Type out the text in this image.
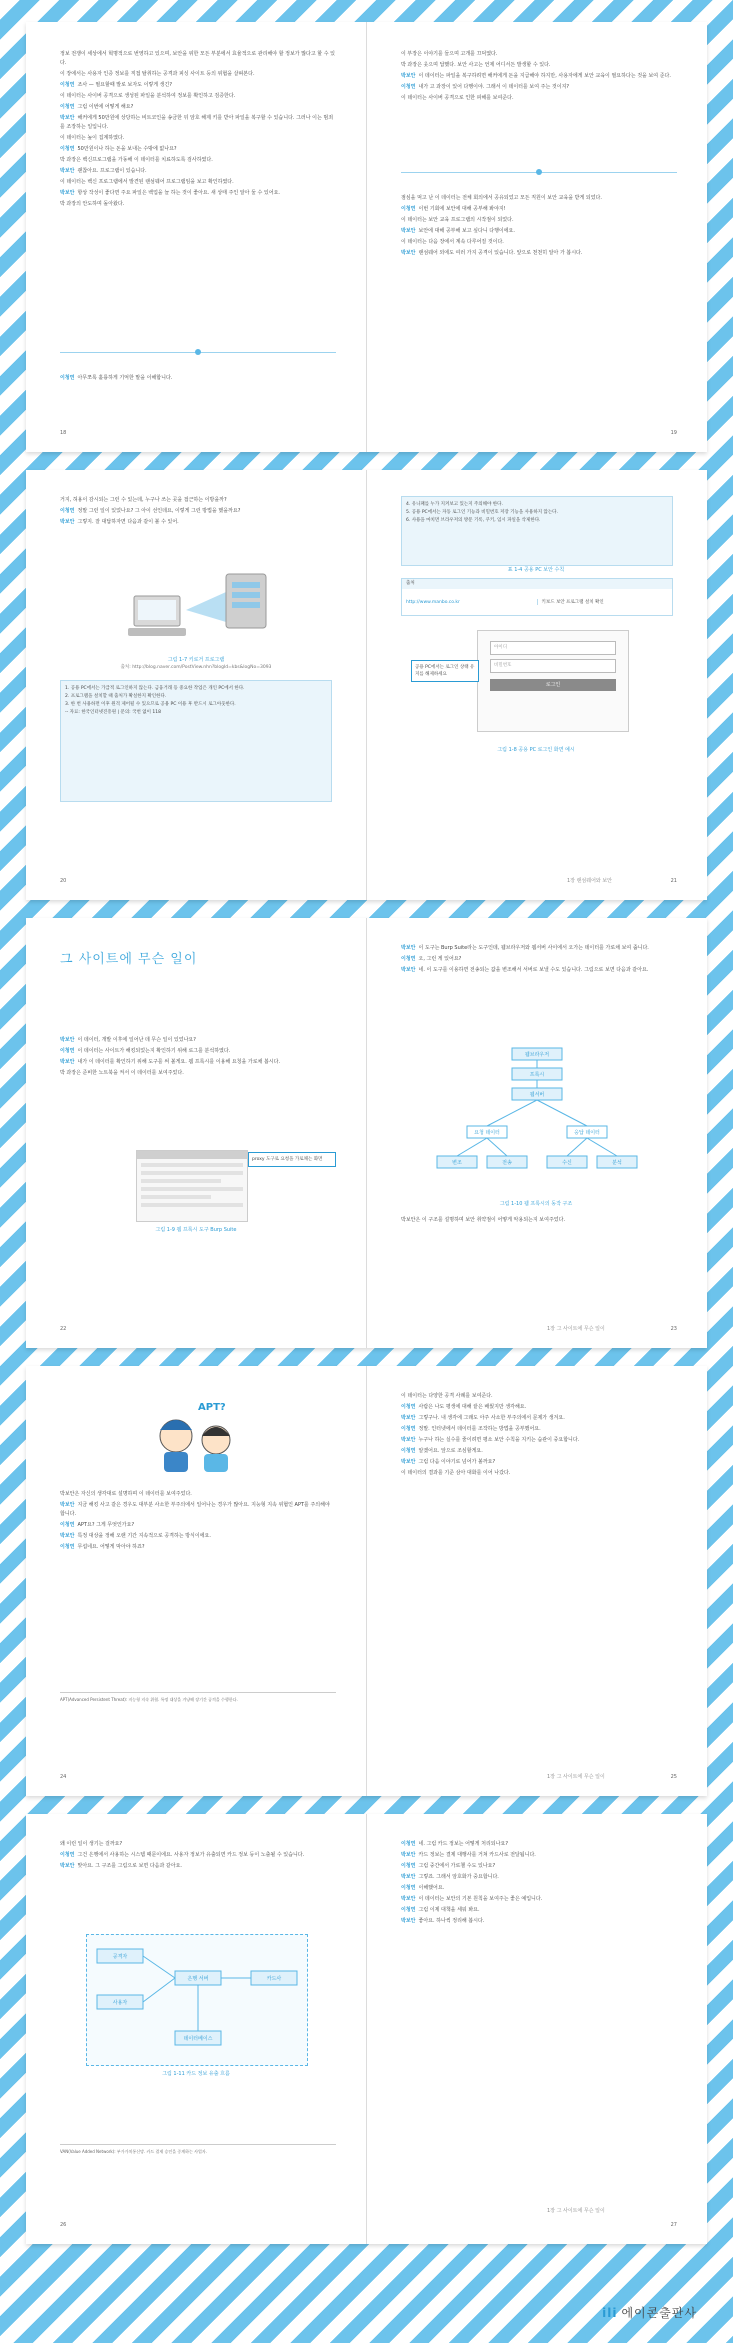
정보 전쟁이 세상에서 혁명적으로 번영하고 있으며, 보안을 위한 모든 부분에서 효율적으로 관리해야 할 정보가 많다고 할 수 있다.

이 장에서는 사용자 인증 정보를 직접 탈취하는 공격과 피싱 사이트 등의 위협을 살펴본다.

이청연 조사 — 필요할때 발로 보자도 이렇게 생긴?

이 데이터는 사이버 공격으로 생성된 파일을 분석하여 정보를 확인하고 검증한다.

이청연 그럼 이번에 어떻게 해요?

박보안 해커에게 50만원에 상당하는 비트코인을 송금한 뒤 암호 해제 키를 받아 파일을 복구할 수 있습니다. 그러나 이는 범죄를 조장하는 일입니다.

이 데이터는 높이 집계하였다.

이청연 50만원이나 하는 돈을 보내는 수밖에 없나요?

박 과장은 백신프로그램을 가동해 이 데이터를 치료하도록 검사하였다.

박보안 괜찮아요. 프로그램이 있습니다.

이 데이터는 백신 프로그램에서 발견된 랜섬웨어 프로그램임을 보고 확인하였다.

박보안 항상 작성이 좋다면 주요 파일은 백업을 늘 하는 것이 좋아요. 새 상태 주인 알아 둘 수 있어요.

박 과장의 안도하며 돌아왔다.

이청연 아무쪼록 훌륭하게 기억한 말을 이해합니다.

18

이 부장은 이야기를 들으며 고개를 끄덕였다.

박 과장은 웃으며 답했다. 보안 사고는 언제 어디서든 발생할 수 있다.

박보안 이 데이터는 파일을 복구하려면 해커에게 돈을 지급해야 하지만, 사용자에게 보안 교육이 필요하다는 것을 보여 준다.

이청연 내가 고 과장이 있어 다행이야. 그래서 이 데이터를 보여 주는 것이지?

이 데이터는 사이버 공격으로 인한 피해를 보여준다.

점심을 먹고 난 이 데이터는 전체 회의에서 공유되었고 모든 직원이 보안 교육을 받게 되었다.

이청연 이번 기회에 보안에 대해 공부해 봐야지!

이 데이터는 보안 교육 프로그램의 시작점이 되었다.

박보안 보안에 대해 공부해 보고 싶다니 다행이에요.

이 데이터는 다음 장에서 계속 다루어질 것이다.

박보안 랜섬웨어 외에도 여러 가지 공격이 있습니다. 앞으로 천천히 알아 가 봅시다.

19

거지, 허용이 감시되는 그런 수 있는데, 누구나 쓰는 곳을 접근하는 이방을까?

이청연 정말 그런 일이 있었나요? 그 아이 선인데요, 이렇게 그런 방법을 했을까요?

박보안 그렇지. 잘 대답하자면 다음과 같이 볼 수 있어.

그림 1-7 키로거 프로그램
출처: http://blog.naver.com/PostView.nhn?blogId=kbs&logNo=3093
1. 공용 PC에서는 가급적 로그인하지 않는다. 금융거래 등 중요한 작업은 개인 PC에서 한다.
2. 프로그램을 설치할 때 출처가 확실한지 확인한다.
3. 한 번 사용하면 이후 원격 제어될 수 있으므로 공용 PC 이용 후 반드시 로그아웃한다.
-- 자료: 한국인터넷진흥원 | 문의: 국번 없이 118
20
4. 유니패를 누가 지켜보고 있는지 주의해야 한다.
5. 공용 PC에서는 자동 로그인 기능과 비밀번호 저장 기능을 사용하지 않는다.
6. 사용을 마치면 브라우저의 방문 기록, 쿠키, 임시 파일을 삭제한다.
표 1-4 공용 PC 보안 수칙
출처
http://www.manbo.co.kr	키보드 보안 프로그램 설치 확인
아이디
비밀번호
로그인
공용 PC에서는 로그인 상태 유지를 해제하세요
그림 1-8 공용 PC 로그인 화면 예시
1장 랜섬웨어와 보안	21
그 사이트에 무슨 일이

박보안 이 데이터, 개발 이후에 일어난 데 무슨 일이 있었나요?

이청연 이 데이터는 사이트가 해킹되었는지 확인하기 위해 로그를 분석하였다.

박보안 내가 이 데이터를 확인하기 위해 도구를 써 볼게요. 웹 프록시를 이용해 요청을 가로채 봅시다.

박 과장은 준비한 노트북을 켜서 이 데이터를 보여주었다.

proxy 도구로 요청을 가로채는 화면
그림 1-9 웹 프록시 도구 Burp Suite
22

박보안 이 도구는 Burp Suite라는 도구인데, 웹브라우저와 웹서버 사이에서 오가는 데이터를 가로채 보여 줍니다.

이청연 오, 그런 게 있어요?

박보안 네. 이 도구를 이용하면 전송되는 값을 변조해서 서버로 보낼 수도 있습니다. 그림으로 보면 다음과 같아요.

웹브라우저
프록시
웹서버
요청 데이터	응답 데이터
변조	전송	수신	분석
그림 1-10 웹 프록시의 동작 구조

박보안은 이 구조를 설명하며 보안 취약점이 어떻게 악용되는지 보여주었다.

1장 그 사이트에 무슨 일이	23
APT?

박보안은 자신의 생각대로 설명하며 이 데이터를 보여주었다.

박보안 지금 해킹 사고 같은 경우도 대부분 사소한 부주의에서 일어나는 경우가 많아요. 지능형 지속 위협인 APT를 주의해야 합니다.

이청연 APT요? 그게 무엇인가요?

박보안 특정 대상을 정해 오랜 기간 지속적으로 공격하는 방식이에요.

이청연 무섭네요. 어떻게 막아야 하죠?

APT(Advanced Persistent Threat): 지능형 지속 위협. 특정 대상을 겨냥해 장기간 공격을 수행한다.
24

이 데이터는 다양한 공격 사례를 보여준다.

이청연 사람은 나도 평생에 대해 끝은 배웠지만 생각해요.

박보안 그렇구나. 내 생각에 그래도 아주 사소한 부주의에서 문제가 생겨요.

이청연 정말. 인터넷에서 데이터를 조작하는 방법을 공부했어요.

박보안 누구나 하는 실수를 줄이려면 평소 보안 수칙을 지키는 습관이 중요합니다.

이청연 알겠어요. 앞으로 조심할게요.

박보안 그럼 다음 이야기로 넘어가 볼까요?

이 데이터의 결과를 기준 삼아 대화를 이어 나갔다.

1장 그 사이트에 무슨 일이	25

왜 이런 일이 생기는 걸까요?

이청연 그건 은행에서 사용하는 시스템 때문이에요. 사용자 정보가 유출되면 카드 정보 등이 노출될 수 있습니다.

박보안 맞아요. 그 구조를 그림으로 보면 다음과 같아요.

공격자
사용자
은행 서버	카드사
데이터베이스
그림 1-11 카드 정보 유출 흐름
VAN(Value Added Network): 부가가치통신망. 카드 결제 승인을 중계하는 사업자.
26

이청연 네. 그럼 카드 정보는 어떻게 처리되나요?

박보안 카드 정보는 결제 대행사를 거쳐 카드사로 전달됩니다.

이청연 그럼 중간에서 가로챌 수도 있나요?

박보안 그렇죠. 그래서 암호화가 중요합니다.

이청연 이해했어요.

박보안 이 데이터는 보안의 기본 원칙을 보여주는 좋은 예입니다.

이청연 그럼 이제 대책을 세워 봐요.

박보안 좋아요. 하나씩 정리해 봅시다.

1장 그 사이트에 무슨 일이
27
ili 에이콘출판사
